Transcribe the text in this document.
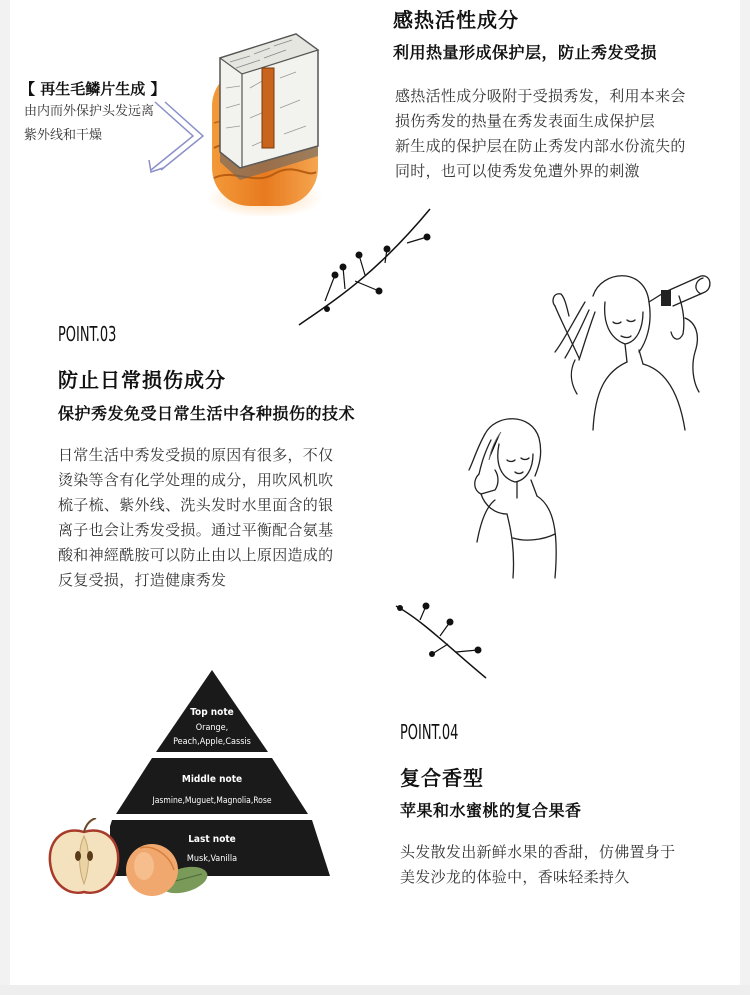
【 再生毛鳞片生成 】
由内而外保护头发远离
紫外线和干燥
感热活性成分
利用热量形成保护层，防止秀发受损
感热活性成分吸附于受损秀发，利用本来会
损伤秀发的热量在秀发表面生成保护层
新生成的保护层在防止秀发内部水份流失的
同时，也可以使秀发免遭外界的刺激
POINT.03
防止日常损伤成分
保护秀发免受日常生活中各种损伤的技术
日常生活中秀发受损的原因有很多，不仅
烫染等含有化学处理的成分，用吹风机吹
梳子梳、紫外线、洗头发时水里面含的银
离子也会让秀发受损。通过平衡配合氨基
酸和神經酰胺可以防止由以上原因造成的
反复受损，打造健康秀发
Top note
Orange,
Peach,Apple,Cassis
Middle note
Jasmine,Muguet,Magnolia,Rose
Last note
Musk,Vanilla
POINT.04
复合香型
苹果和水蜜桃的复合果香
头发散发出新鲜水果的香甜，仿佛置身于
美发沙龙的体验中，香味轻柔持久
